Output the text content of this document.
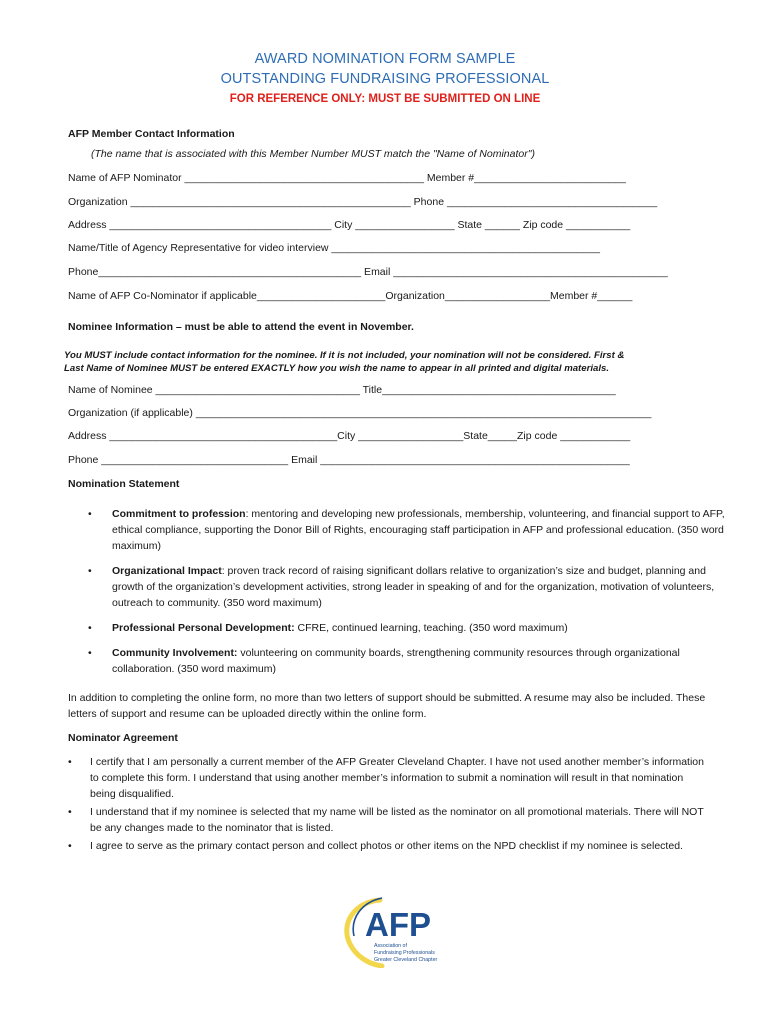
AWARD NOMINATION FORM SAMPLE
OUTSTANDING FUNDRAISING PROFESSIONAL
FOR REFERENCE ONLY: MUST BE SUBMITTED ON LINE
AFP Member Contact Information
(The name that is associated with this Member Number MUST match the "Name of Nominator")
Name of AFP Nominator _________________________________________ Member #__________________________
Organization ________________________________________________ Phone ____________________________________
Address ______________________________________ City _________________ State ______ Zip code ___________
Name/Title of Agency Representative for video interview ______________________________________________
Phone_____________________________________________ Email _______________________________________________
Name of AFP Co-Nominator if applicable______________________Organization__________________Member #______
Nominee Information – must be able to attend the event in November.
You MUST include contact information for the nominee. If it is not included, your nomination will not be considered. First &
Last Name of Nominee MUST be entered EXACTLY how you wish the name to appear in all printed and digital materials.
Name of Nominee ___________________________________ Title________________________________________
Organization (if applicable) ______________________________________________________________________________
Address _______________________________________City __________________State_____Zip code ____________
Phone ________________________________ Email _____________________________________________________
Nomination Statement
• Commitment to profession: mentoring and developing new professionals, membership, volunteering, and financial support to AFP, ethical compliance, supporting the Donor Bill of Rights, encouraging staff participation in AFP and professional education. (350 word maximum)
• Organizational Impact: proven track record of raising significant dollars relative to organization’s size and budget, planning and growth of the organization’s development activities, strong leader in speaking of and for the organization, motivation of volunteers, outreach to community. (350 word maximum)
• Professional Personal Development: CFRE, continued learning, teaching. (350 word maximum)
• Community Involvement: volunteering on community boards, strengthening community resources through organizational collaboration. (350 word maximum)
In addition to completing the online form, no more than two letters of support should be submitted. A resume may also be included. These letters of support and resume can be uploaded directly within the online form.
Nominator Agreement
• I certify that I am personally a current member of the AFP Greater Cleveland Chapter. I have not used another member’s information to complete this form. I understand that using another member’s information to submit a nomination will result in that nomination being disqualified.
• I understand that if my nominee is selected that my name will be listed as the nominator on all promotional materials. There will NOT be any changes made to the nominator that is listed.
• I agree to serve as the primary contact person and collect photos or other items on the NPD checklist if my nominee is selected.
AFP
Association of
Fundraising Professionals
Greater Cleveland Chapter
